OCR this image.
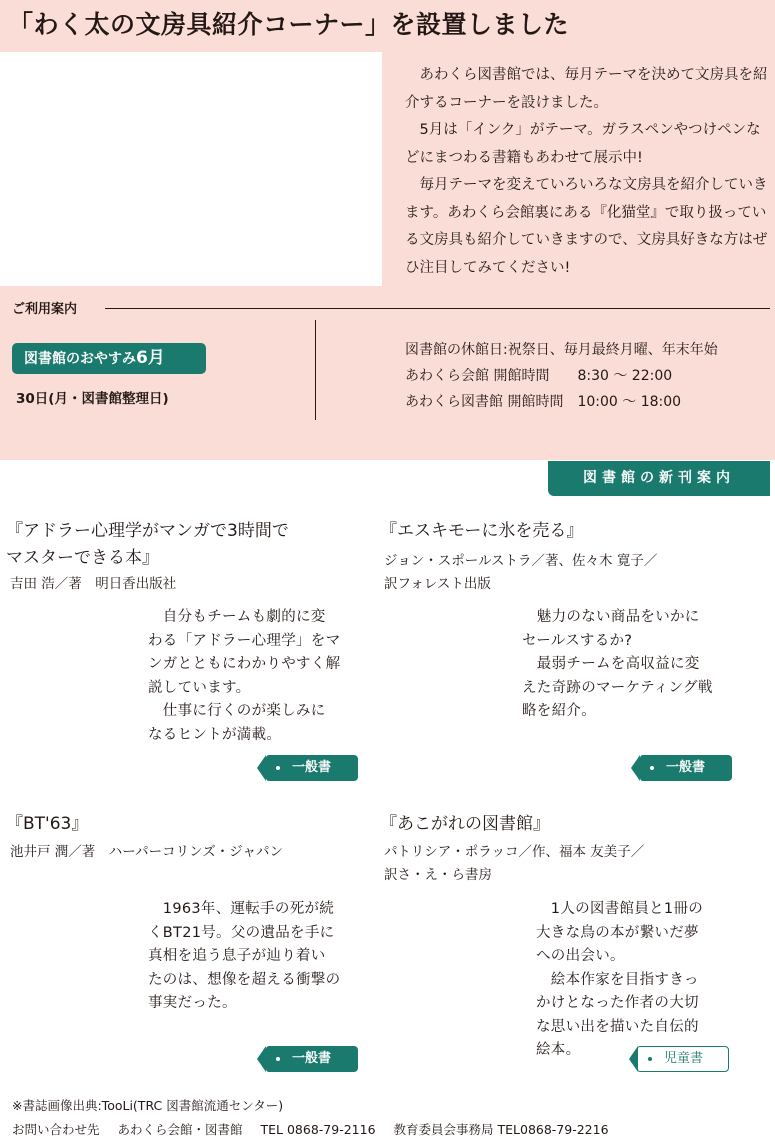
「わく太の文房具紹介コーナー」を設置しました

あわくら図書館では、毎月テーマを決めて文房具を紹介するコーナーを設けました。

5月は「インク」がテーマ。ガラスペンやつけペンなどにまつわる書籍もあわせて展示中!

毎月テーマを変えていろいろな文房具を紹介していきます。あわくら会館裏にある『化猫堂』で取り扱っている文房具も紹介していきますので、文房具好きな方はぜひ注目してみてください!

ご利用案内
図書館のおやすみ6月
30日(月・図書館整理日)
図書館の休館日:祝祭日、毎月最終月曜、年末年始
あわくら会館 開館時間　　8:30 〜 22:00
あわくら図書館 開館時間　10:00 〜 18:00
図書館の新刊案内
『アドラー心理学がマンガで3時間で
マスターできる本』
吉田 浩／著　明日香出版社
　自分もチームも劇的に変
わる「アドラー心理学」をマ
ンガとともにわかりやすく解
説しています。
　仕事に行くのが楽しみに
なるヒントが満載。
一般書
『エスキモーに氷を売る』
ジョン・スポールストラ／著、佐々木 寛子／
訳フォレスト出版
　魅力のない商品をいかに
セールスするか?
　最弱チームを高収益に変
えた奇跡のマーケティング戦
略を紹介。
一般書
『BT'63』
池井戸 潤／著　ハーパーコリンズ・ジャパン
　1963年、運転手の死が続
くBT21号。父の遺品を手に
真相を追う息子が辿り着い
たのは、想像を超える衝撃の
事実だった。
一般書
『あこがれの図書館』
パトリシア・ポラッコ／作、福本 友美子／
訳さ・え・ら書房
　1人の図書館員と1冊の
大きな鳥の本が繋いだ夢
への出会い。
　絵本作家を目指すきっ
かけとなった作者の大切
な思い出を描いた自伝的
絵本。
児童書
※書誌画像出典:TooLi(TRC 図書館流通センター)
お問い合わせ先 あわくら会館・図書館 TEL 0868-79-2116 教育委員会事務局 TEL0868-79-2216
